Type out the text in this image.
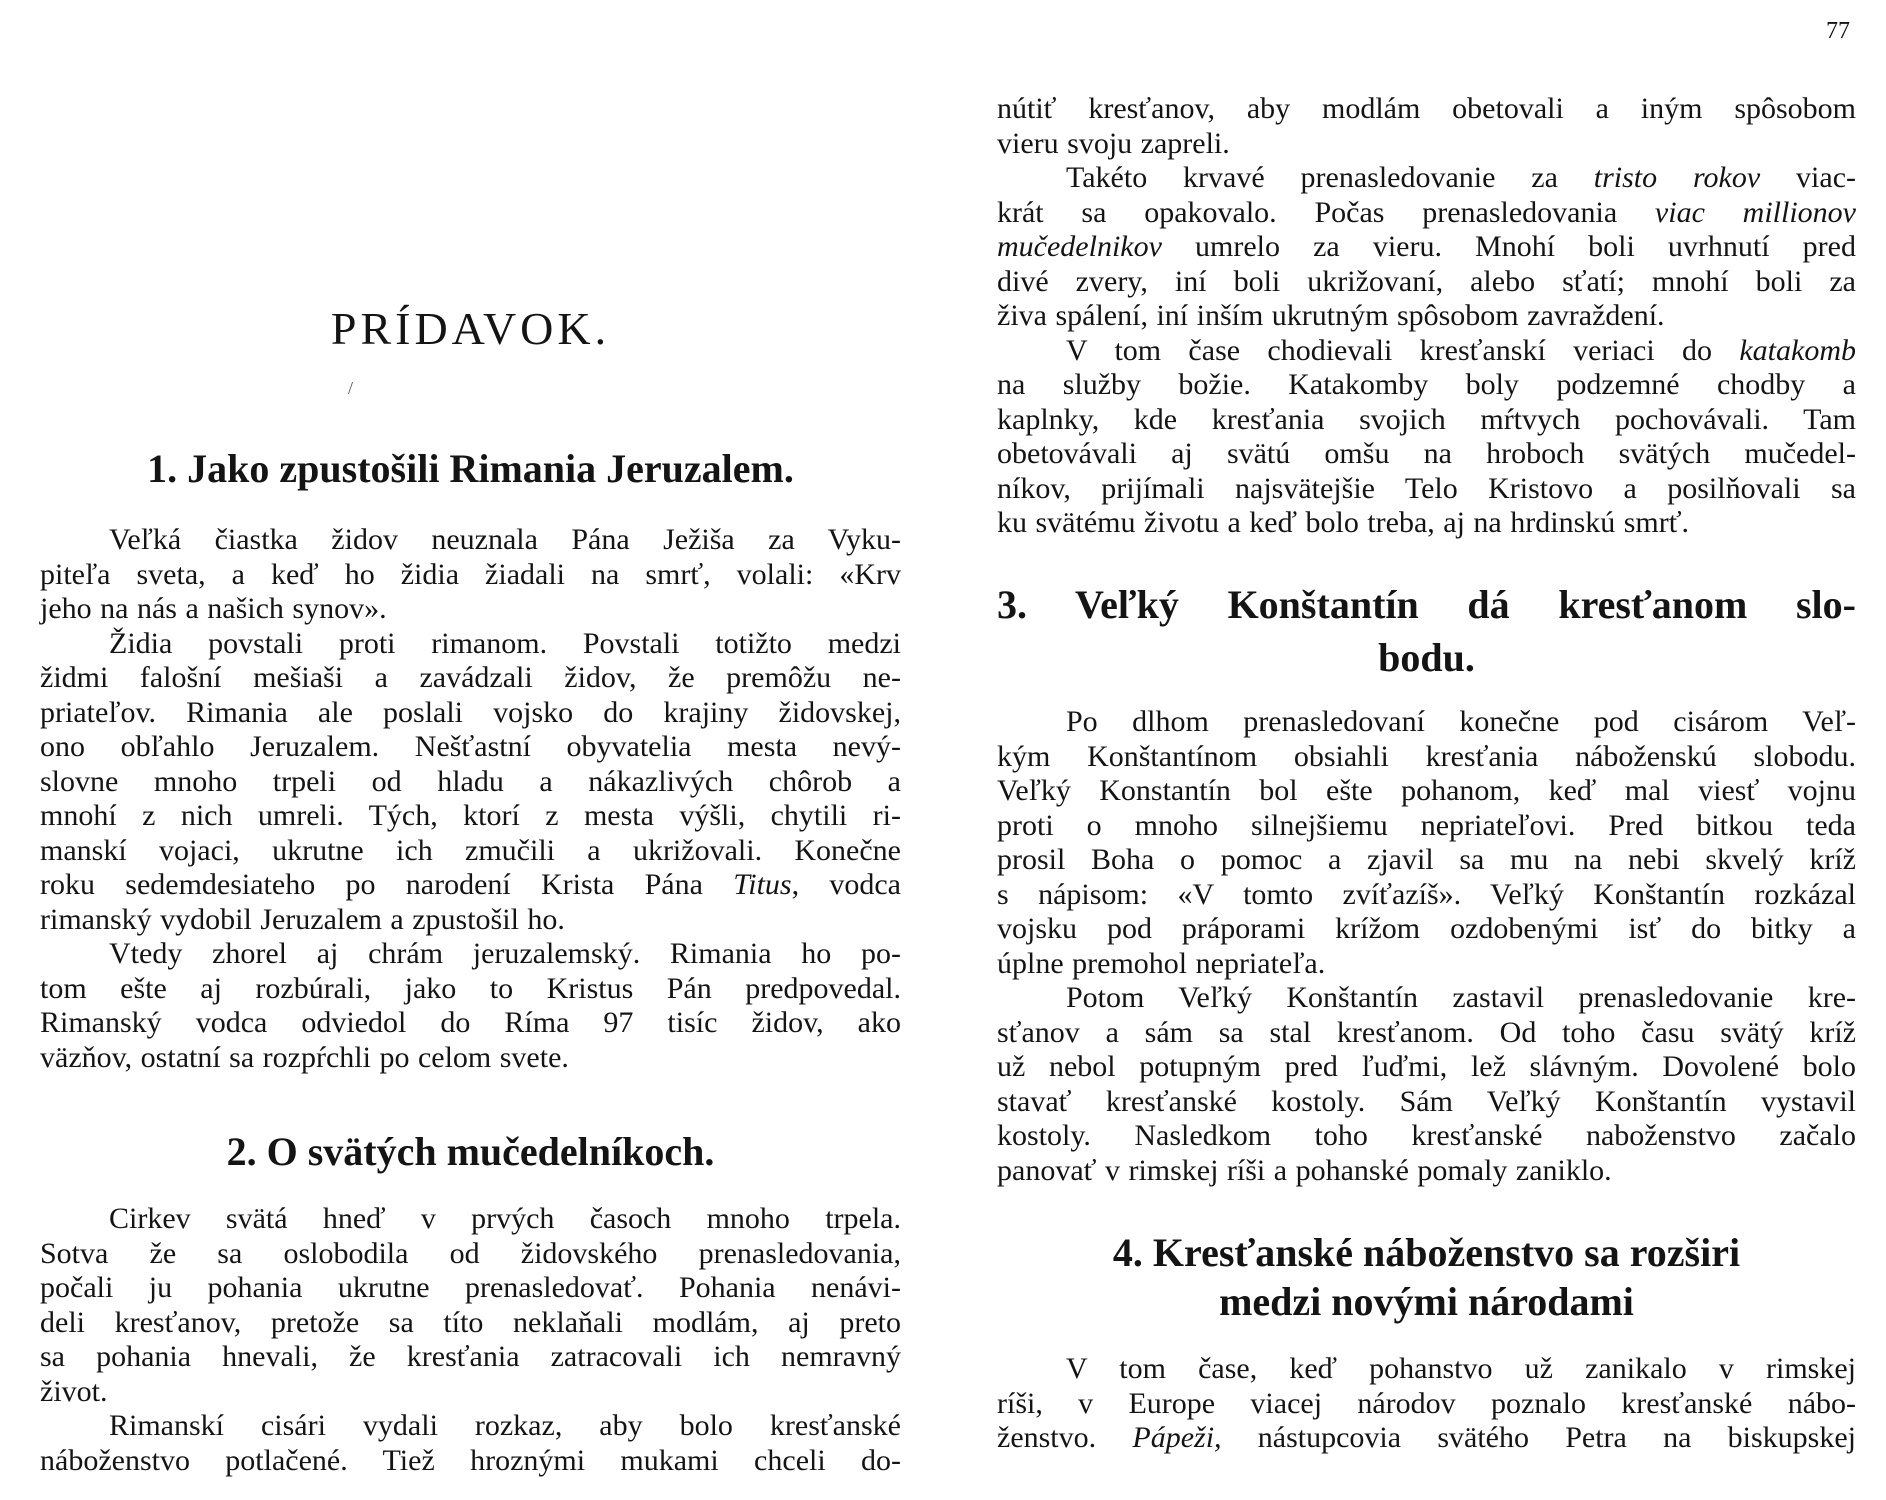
77
PRÍDAVOK.
/
1. Jako zpustošili Rimania Jeruzalem.
Veľká čiastka židov neuznala Pána Ježiša za Vyku-
piteľa sveta, a keď ho židia žiadali na smrť, volali: «Krv
jeho na nás a našich synov».
Židia povstali proti rimanom. Povstali totižto medzi
židmi falošní mešiaši a zavádzali židov, že premôžu ne-
priateľov. Rimania ale poslali vojsko do krajiny židovskej,
ono obľahlo Jeruzalem. Nešťastní obyvatelia mesta nevý-
slovne mnoho trpeli od hladu a nákazlivých chôrob a
mnohí z nich umreli. Tých, ktorí z mesta výšli, chytili ri-
manskí vojaci, ukrutne ich zmučili a ukrižovali. Konečne
roku sedemdesiateho po narodení Krista Pána Titus, vodca
rimanský vydobil Jeruzalem a zpustošil ho.
Vtedy zhorel aj chrám jeruzalemský. Rimania ho po-
tom ešte aj rozbúrali, jako to Kristus Pán predpovedal.
Rimanský vodca odviedol do Ríma 97 tisíc židov, ako
väzňov, ostatní sa rozpŕchli po celom svete.
2. O svätých mučedelníkoch.
Cirkev svätá hneď v prvých časoch mnoho trpela.
Sotva že sa oslobodila od židovského prenasledovania,
počali ju pohania ukrutne prenasledovať. Pohania nenávi-
deli kresťanov, pretože sa títo neklaňali modlám, aj preto
sa pohania hnevali, že kresťania zatracovali ich nemravný
život.
Rimanskí cisári vydali rozkaz, aby bolo kresťanské
náboženstvo potlačené. Tiež hroznými mukami chceli do-
nútiť kresťanov, aby modlám obetovali a iným spôsobom
vieru svoju zapreli.
Takéto krvavé prenasledovanie za tristo rokov viac-
krát sa opakovalo. Počas prenasledovania viac millionov
mučedelnikov umrelo za vieru. Mnohí boli uvrhnutí pred
divé zvery, iní boli ukrižovaní, alebo sťatí; mnohí boli za
živa spálení, iní inším ukrutným spôsobom zavraždení.
V tom čase chodievali kresťanskí veriaci do katakomb
na služby božie. Katakomby boly podzemné chodby a
kaplnky, kde kresťania svojich mŕtvych pochovávali. Tam
obetovávali aj svätú omšu na hroboch svätých mučedel-
níkov, prijímali najsvätejšie Telo Kristovo a posilňovali sa
ku svätému životu a keď bolo treba, aj na hrdinskú smrť.
3. Veľký Konštantín dá kresťanom slo-
bodu.
Po dlhom prenasledovaní konečne pod cisárom Veľ-
kým Konštantínom obsiahli kresťania náboženskú slobodu.
Veľký Konstantín bol ešte pohanom, keď mal viesť vojnu
proti o mnoho silnejšiemu nepriateľovi. Pred bitkou teda
prosil Boha o pomoc a zjavil sa mu na nebi skvelý kríž
s nápisom: «V tomto zvíťazíš». Veľký Konštantín rozkázal
vojsku pod práporami krížom ozdobenými isť do bitky a
úplne premohol nepriateľa.
Potom Veľký Konštantín zastavil prenasledovanie kre-
sťanov a sám sa stal kresťanom. Od toho času svätý kríž
už nebol potupným pred ľuďmi, lež slávným. Dovolené bolo
stavať kresťanské kostoly. Sám Veľký Konštantín vystavil
kostoly. Nasledkom toho kresťanské naboženstvo začalo
panovať v rimskej ríši a pohanské pomaly zaniklo.
4. Kresťanské náboženstvo sa rozširi
medzi novými národami
V tom čase, keď pohanstvo už zanikalo v rimskej
ríši, v Europe viacej národov poznalo kresťanské nábo-
ženstvo. Pápeži, nástupcovia svätého Petra na biskupskej
